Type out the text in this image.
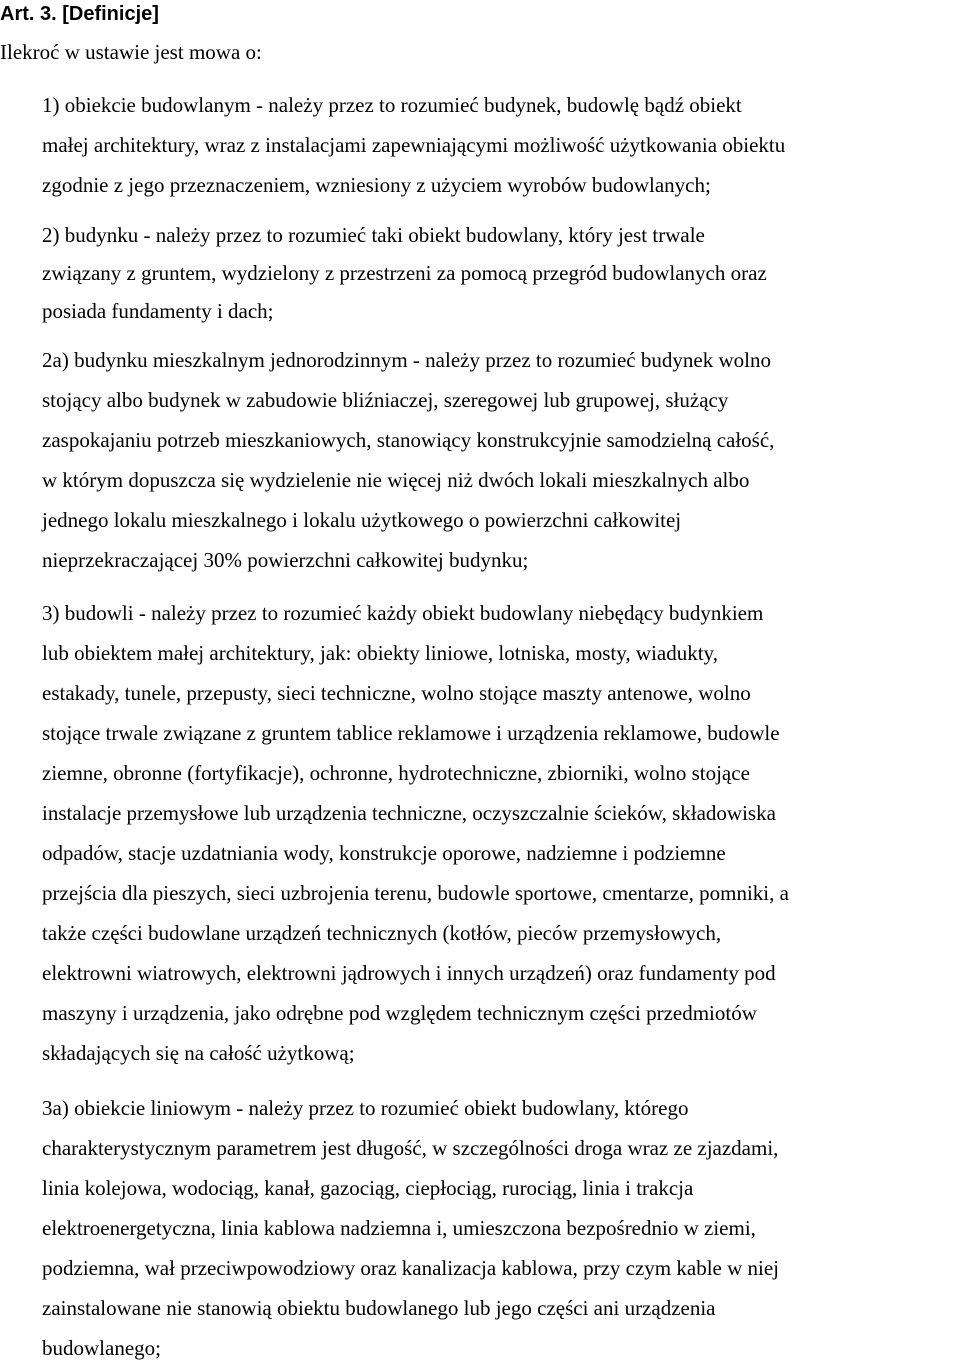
Art. 3. [Definicje]

Ilekroć w ustawie jest mowa o:

1) obiekcie budowlanym - należy przez to rozumieć budynek, budowlę bądź obiekt
małej architektury, wraz z instalacjami zapewniającymi możliwość użytkowania obiektu
zgodnie z jego przeznaczeniem, wzniesiony z użyciem wyrobów budowlanych;
2) budynku - należy przez to rozumieć taki obiekt budowlany, który jest trwale
związany z gruntem, wydzielony z przestrzeni za pomocą przegród budowlanych oraz
posiada fundamenty i dach;
2a) budynku mieszkalnym jednorodzinnym - należy przez to rozumieć budynek wolno
stojący albo budynek w zabudowie bliźniaczej, szeregowej lub grupowej, służący
zaspokajaniu potrzeb mieszkaniowych, stanowiący konstrukcyjnie samodzielną całość,
w którym dopuszcza się wydzielenie nie więcej niż dwóch lokali mieszkalnych albo
jednego lokalu mieszkalnego i lokalu użytkowego o powierzchni całkowitej
nieprzekraczającej 30% powierzchni całkowitej budynku;
3) budowli - należy przez to rozumieć każdy obiekt budowlany niebędący budynkiem
lub obiektem małej architektury, jak: obiekty liniowe, lotniska, mosty, wiadukty,
estakady, tunele, przepusty, sieci techniczne, wolno stojące maszty antenowe, wolno
stojące trwale związane z gruntem tablice reklamowe i urządzenia reklamowe, budowle
ziemne, obronne (fortyfikacje), ochronne, hydrotechniczne, zbiorniki, wolno stojące
instalacje przemysłowe lub urządzenia techniczne, oczyszczalnie ścieków, składowiska
odpadów, stacje uzdatniania wody, konstrukcje oporowe, nadziemne i podziemne
przejścia dla pieszych, sieci uzbrojenia terenu, budowle sportowe, cmentarze, pomniki, a
także części budowlane urządzeń technicznych (kotłów, pieców przemysłowych,
elektrowni wiatrowych, elektrowni jądrowych i innych urządzeń) oraz fundamenty pod
maszyny i urządzenia, jako odrębne pod względem technicznym części przedmiotów
składających się na całość użytkową;
3a) obiekcie liniowym - należy przez to rozumieć obiekt budowlany, którego
charakterystycznym parametrem jest długość, w szczególności droga wraz ze zjazdami,
linia kolejowa, wodociąg, kanał, gazociąg, ciepłociąg, rurociąg, linia i trakcja
elektroenergetyczna, linia kablowa nadziemna i, umieszczona bezpośrednio w ziemi,
podziemna, wał przeciwpowodziowy oraz kanalizacja kablowa, przy czym kable w niej
zainstalowane nie stanowią obiektu budowlanego lub jego części ani urządzenia
budowlanego;
